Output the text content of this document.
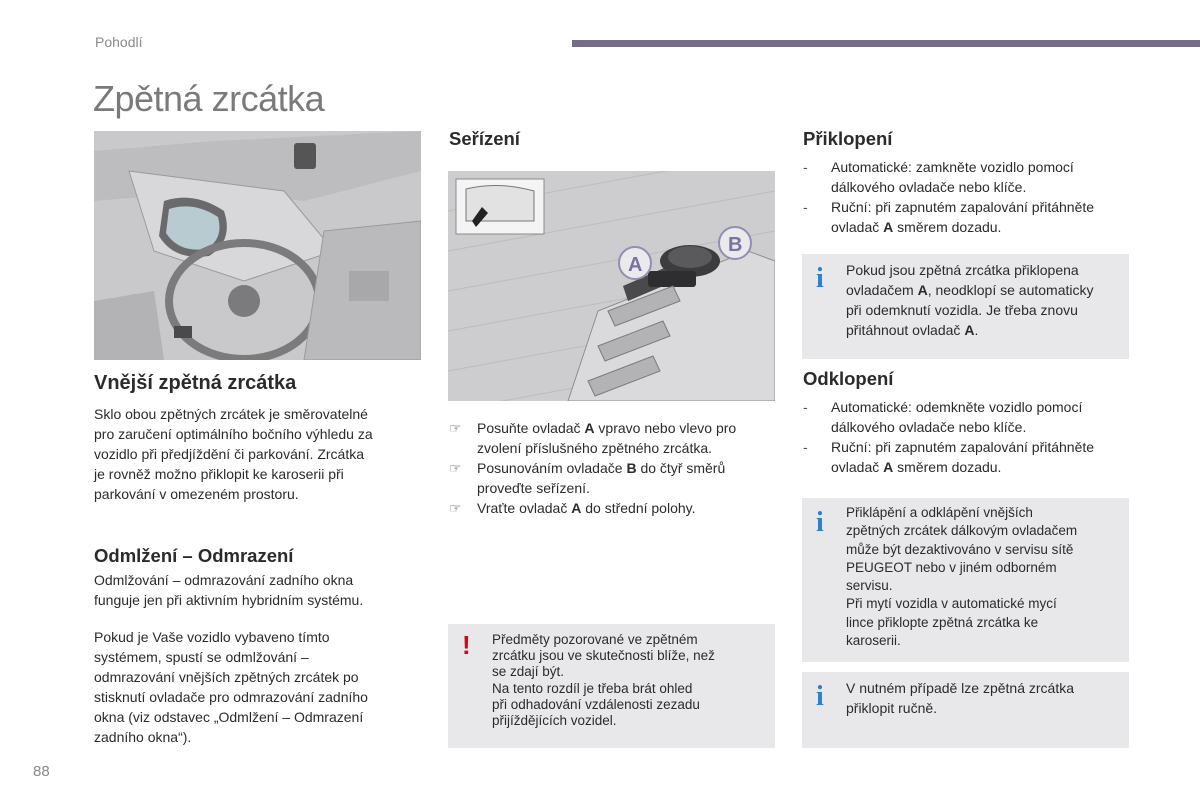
Pohodlí
Zpětná zrcátka
Vnější zpětná zrcátka
Sklo obou zpětných zrcátek je směrovatelné
pro zaručení optimálního bočního výhledu za
vozidlo při předjíždění či parkování. Zrcátka
je rovněž možno přiklopit ke karoserii při
parkování v omezeném prostoru.
Odmlžení – Odmrazení
Odmlžování – odmrazování zadního okna
funguje jen při aktivním hybridním systému.
Pokud je Vaše vozidlo vybaveno tímto
systémem, spustí se odmlžování –
odmrazování vnějších zpětných zrcátek po
stisknutí ovladače pro odmrazování zadního
okna (viz odstavec „Odmlžení – Odmrazení
zadního okna“).
Seřízení
A
B
☞	Posuňte ovladač A vpravo nebo vlevo pro
zvolení příslušného zpětného zrcátka.
☞	Posunováním ovladače B do čtyř směrů
proveďte seřízení.
☞	Vraťte ovladač A do střední polohy.
! Předměty pozorované ve zpětném
zrcátku jsou ve skutečnosti blíže, než
se zdají být.
Na tento rozdíl je třeba brát ohled
při odhadování vzdálenosti zezadu
přijíždějících vozidel.
Přiklopení
-	Automatické: zamkněte vozidlo pomocí
dálkového ovladače nebo klíče.
-	Ruční: při zapnutém zapalování přitáhněte
ovladač A směrem dozadu.
i Pokud jsou zpětná zrcátka přiklopena
ovladačem A, neodklopí se automaticky
při odemknutí vozidla. Je třeba znovu
přitáhnout ovladač A.
Odklopení
-	Automatické: odemkněte vozidlo pomocí
dálkového ovladače nebo klíče.
-	Ruční: při zapnutém zapalování přitáhněte
ovladač A směrem dozadu.
i Přiklápění a odklápění vnějších
zpětných zrcátek dálkovým ovladačem
může být dezaktivováno v servisu sítě
PEUGEOT nebo v jiném odborném
servisu.
Při mytí vozidla v automatické mycí
lince přiklopte zpětná zrcátka ke
karoserii.
i V nutném případě lze zpětná zrcátka
přiklopit ručně.
88
